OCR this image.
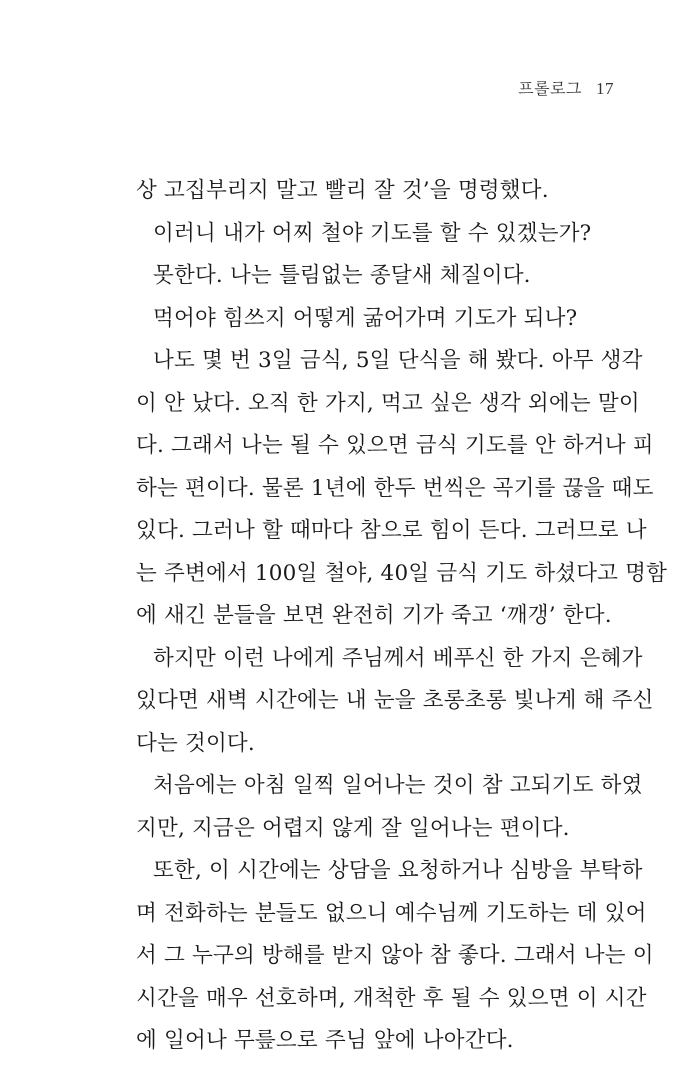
프롤로그 17
상 고집부리지 말고 빨리 잘 것’을 명령했다.
이러니 내가 어찌 철야 기도를 할 수 있겠는가?
못한다. 나는 틀림없는 종달새 체질이다.
먹어야 힘쓰지 어떻게 굶어가며 기도가 되나?
나도 몇 번 3일 금식, 5일 단식을 해 봤다. 아무 생각
이 안 났다. 오직 한 가지, 먹고 싶은 생각 외에는 말이
다. 그래서 나는 될 수 있으면 금식 기도를 안 하거나 피
하는 편이다. 물론 1년에 한두 번씩은 곡기를 끊을 때도
있다. 그러나 할 때마다 참으로 힘이 든다. 그러므로 나
는 주변에서 100일 철야, 40일 금식 기도 하셨다고 명함
에 새긴 분들을 보면 완전히 기가 죽고 ‘깨갱’ 한다.
하지만 이런 나에게 주님께서 베푸신 한 가지 은혜가
있다면 새벽 시간에는 내 눈을 초롱초롱 빛나게 해 주신
다는 것이다.
처음에는 아침 일찍 일어나는 것이 참 고되기도 하였
지만, 지금은 어렵지 않게 잘 일어나는 편이다.
또한, 이 시간에는 상담을 요청하거나 심방을 부탁하
며 전화하는 분들도 없으니 예수님께 기도하는 데 있어
서 그 누구의 방해를 받지 않아 참 좋다. 그래서 나는 이
시간을 매우 선호하며, 개척한 후 될 수 있으면 이 시간
에 일어나 무릎으로 주님 앞에 나아간다.
